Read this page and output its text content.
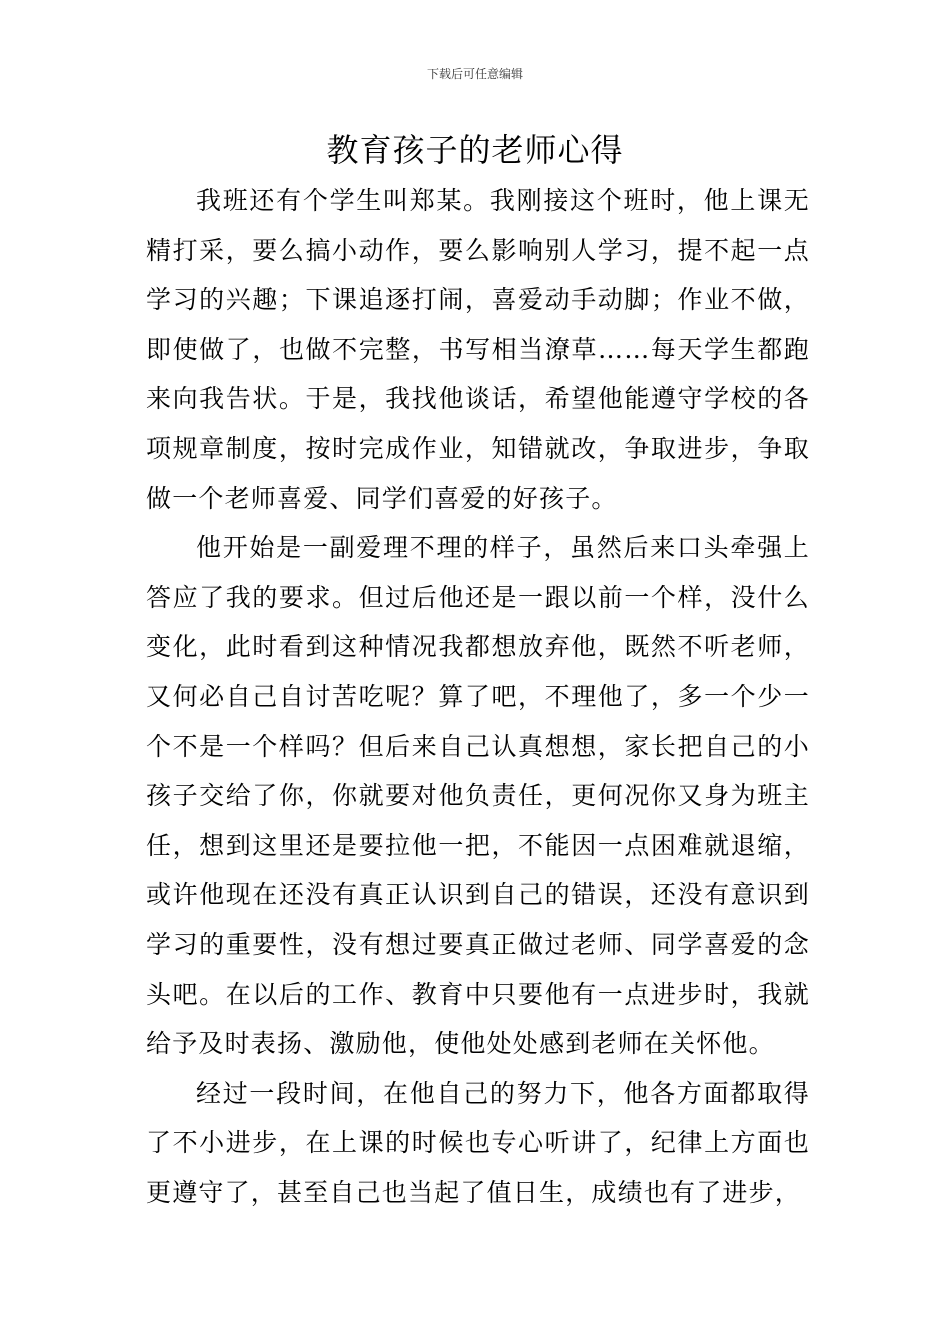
下载后可任意编辑
教育孩子的老师心得

我班还有个学生叫郑某。我刚接这个班时，他上课无精打采，要么搞小动作，要么影响别人学习，提不起一点学习的兴趣；下课追逐打闹，喜爱动手动脚；作业不做，即使做了，也做不完整，书写相当潦草……每天学生都跑来向我告状。于是，我找他谈话，希望他能遵守学校的各项规章制度，按时完成作业，知错就改，争取进步，争取做一个老师喜爱、同学们喜爱的好孩子。

他开始是一副爱理不理的样子，虽然后来口头牵强上答应了我的要求。但过后他还是一跟以前一个样，没什么变化，此时看到这种情况我都想放弃他，既然不听老师，又何必自己自讨苦吃呢？算了吧，不理他了，多一个少一个不是一个样吗？但后来自己认真想想，家长把自己的小孩子交给了你，你就要对他负责任，更何况你又身为班主任，想到这里还是要拉他一把，不能因一点困难就退缩，或许他现在还没有真正认识到自己的错误，还没有意识到学习的重要性，没有想过要真正做过老师、同学喜爱的念头吧。在以后的工作、教育中只要他有一点进步时，我就给予及时表扬、激励他，使他处处感到老师在关怀他。

经过一段时间，在他自己的努力下，他各方面都取得了不小进步，在上课的时候也专心听讲了，纪律上方面也更遵守了，甚至自己也当起了值日生，成绩也有了进步，
